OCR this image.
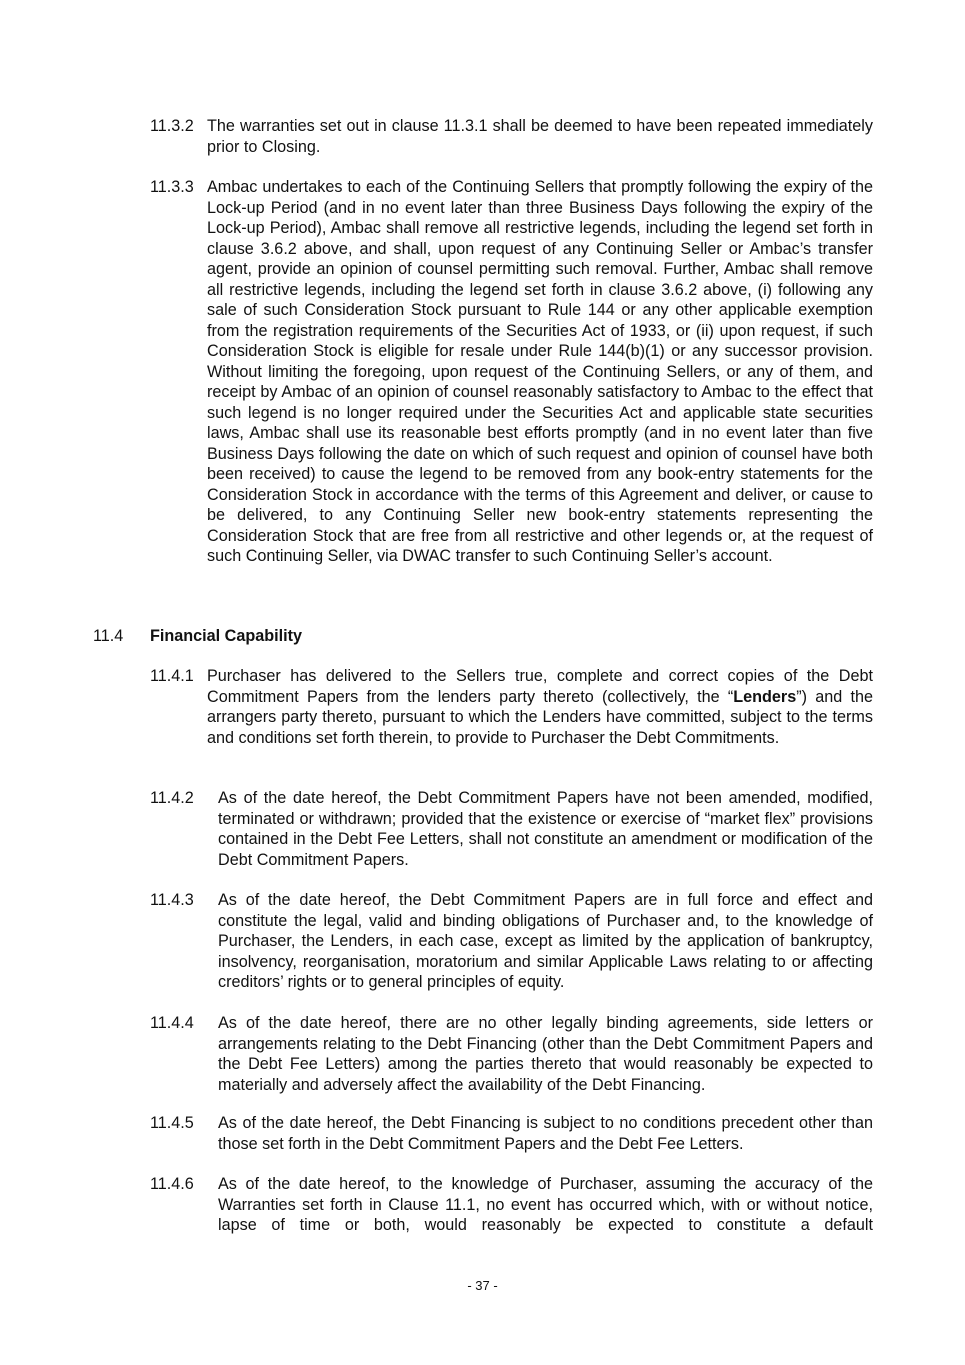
11.3.2 The warranties set out in clause 11.3.1 shall be deemed to have been repeated immediately prior to Closing.
11.3.3 Ambac undertakes to each of the Continuing Sellers that promptly following the expiry of the Lock-up Period (and in no event later than three Business Days following the expiry of the Lock-up Period), Ambac shall remove all restrictive legends, including the legend set forth in clause 3.6.2 above, and shall, upon request of any Continuing Seller or Ambac’s transfer agent, provide an opinion of counsel permitting such removal. Further, Ambac shall remove all restrictive legends, including the legend set forth in clause 3.6.2 above, (i) following any sale of such Consideration Stock pursuant to Rule 144 or any other applicable exemption from the registration requirements of the Securities Act of 1933, or (ii) upon request, if such Consideration Stock is eligible for resale under Rule 144(b)(1) or any successor provision. Without limiting the foregoing, upon request of the Continuing Sellers, or any of them, and receipt by Ambac of an opinion of counsel reasonably satisfactory to Ambac to the effect that such legend is no longer required under the Securities Act and applicable state securities laws, Ambac shall use its reasonable best efforts promptly (and in no event later than five Business Days following the date on which of such request and opinion of counsel have both been received) to cause the legend to be removed from any book-entry statements for the Consideration Stock in accordance with the terms of this Agreement and deliver, or cause to be delivered, to any Continuing Seller new book-entry statements representing the Consideration Stock that are free from all restrictive and other legends or, at the request of such Continuing Seller, via DWAC transfer to such Continuing Seller’s account.
11.4 Financial Capability
11.4.1 Purchaser has delivered to the Sellers true, complete and correct copies of the Debt Commitment Papers from the lenders party thereto (collectively, the “Lenders”) and the arrangers party thereto, pursuant to which the Lenders have committed, subject to the terms and conditions set forth therein, to provide to Purchaser the Debt Commitments.
11.4.2 As of the date hereof, the Debt Commitment Papers have not been amended, modified, terminated or withdrawn; provided that the existence or exercise of “market flex” provisions contained in the Debt Fee Letters, shall not constitute an amendment or modification of the Debt Commitment Papers.
11.4.3 As of the date hereof, the Debt Commitment Papers are in full force and effect and constitute the legal, valid and binding obligations of Purchaser and, to the knowledge of Purchaser, the Lenders, in each case, except as limited by the application of bankruptcy, insolvency, reorganisation, moratorium and similar Applicable Laws relating to or affecting creditors’ rights or to general principles of equity.
11.4.4 As of the date hereof, there are no other legally binding agreements, side letters or arrangements relating to the Debt Financing (other than the Debt Commitment Papers and the Debt Fee Letters) among the parties thereto that would reasonably be expected to materially and adversely affect the availability of the Debt Financing.
11.4.5 As of the date hereof, the Debt Financing is subject to no conditions precedent other than those set forth in the Debt Commitment Papers and the Debt Fee Letters.
11.4.6 As of the date hereof, to the knowledge of Purchaser, assuming the accuracy of the Warranties set forth in Clause 11.1, no event has occurred which, with or without notice, lapse of time or both, would reasonably be expected to constitute a default
- 37 -
